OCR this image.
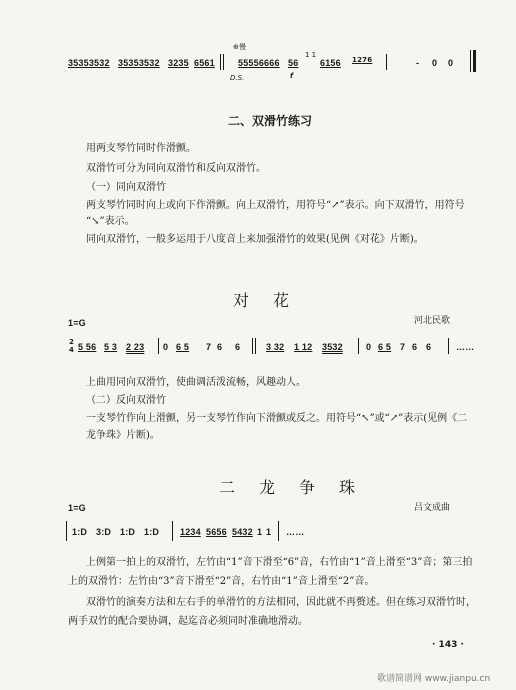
⊕慢
35353532 35353532 3235 6561
D.S.
55556666 56
1 1
f
6156 1276	- 0 0
二、双滑竹练习
用两支琴竹同时作滑颤。
双滑竹可分为同向双滑竹和反向双滑竹。
（一）同向双滑竹
两支琴竹同时向上或向下作滑颤。向上双滑竹，用符号“↗”表示。向下双滑竹，用符号
“↘”表示。
同向双滑竹，一般多运用于八度音上来加强滑竹的效果(见例《对花》片断)。
对花
1=G	河北民歌
2
4 5 56 5 3 2 23 0 6 5 7 6 6	3 32 1 12 3532	0 6 5 7 6 6	……
上曲用同向双滑竹，使曲调活泼流畅，风趣动人。
（二）反向双滑竹
一支琴竹作向上滑颤，另一支琴竹作向下滑颤或反之。用符号“↖”或“↗”表示(见例《二
龙争珠》片断)。
二龙争珠
1=G	吕文成曲
1:D 3:D 1:D 1:D 1234 5656 5432 1 1 ……
上例第一拍上的双滑竹，左竹由“1”音下滑至“6”音，右竹由“1”音上滑至“3”音；第三拍
上的双滑竹：左竹由“3”音下滑至“2”音，右竹由“1”音上滑至“2”音。
双滑竹的演奏方法和左右手的单滑竹的方法相同，因此就不再赘述。但在练习双滑竹时，
两手双竹的配合要协调，起迄音必须同时准确地滑动。
· 143 ·
歌谱简谱网 www.jianpu.cn
